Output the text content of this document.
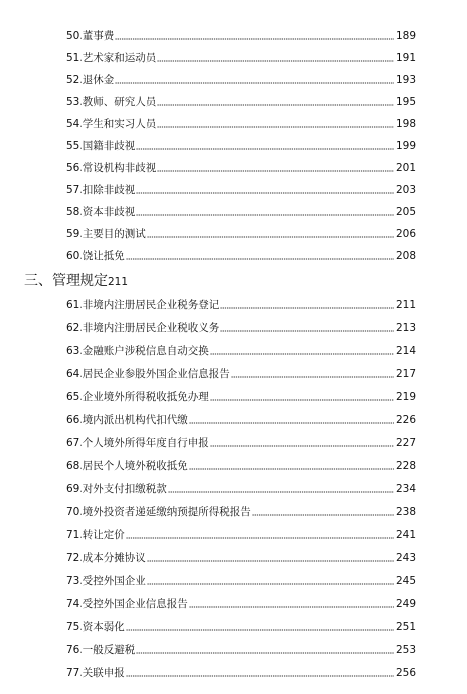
50. 董事费	189
51. 艺术家和运动员	191
52. 退休金	193
53. 教师、研究人员	195
54. 学生和实习人员	198
55. 国籍非歧视	199
56. 常设机构非歧视	201
57. 扣除非歧视	203
58. 资本非歧视	205
59. 主要目的测试	206
60. 饶让抵免	208
三、管理规定 211
61. 非境内注册居民企业税务登记	211
62. 非境内注册居民企业税收义务	213
63. 金融账户涉税信息自动交换	214
64. 居民企业参股外国企业信息报告	217
65. 企业境外所得税收抵免办理	219
66. 境内派出机构代扣代缴	226
67. 个人境外所得年度自行申报	227
68. 居民个人境外税收抵免	228
69. 对外支付扣缴税款	234
70. 境外投资者递延缴纳预提所得税报告	238
71. 转让定价	241
72. 成本分摊协议	243
73. 受控外国企业	245
74. 受控外国企业信息报告	249
75. 资本弱化	251
76. 一般反避税	253
77. 关联申报	256
